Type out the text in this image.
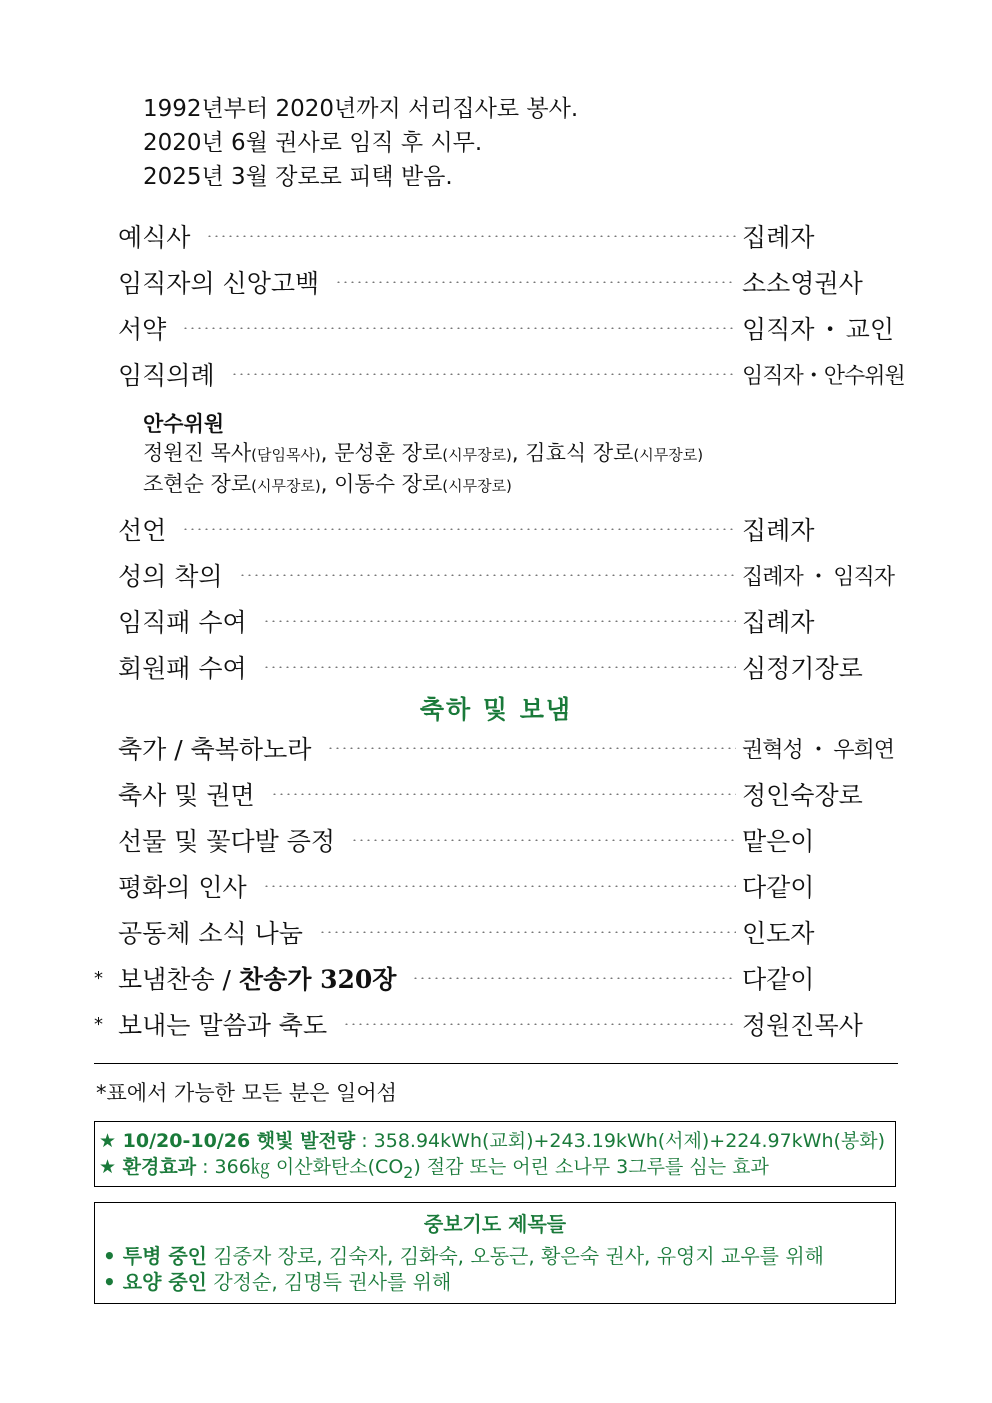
1992년부터 2020년까지 서리집사로 봉사.
2020년 6월 권사로 임직 후 시무.
2025년 3월 장로로 피택 받음.
예식사	집례자
임직자의 신앙고백	소소영권사
서약	임직자・교인
임직의례	임직자・안수위원
안수위원
정원진 목사(담임목사), 문성훈 장로(시무장로), 김효식 장로(시무장로)
조현순 장로(시무장로), 이동수 장로(시무장로)
선언	집례자
성의 착의	집례자・임직자
임직패 수여	집례자
회원패 수여	심정기장로
축하 및 보냄
축가 / 축복하노라	권혁성・우희연
축사 및 권면	정인숙장로
선물 및 꽃다발 증정	맡은이
평화의 인사	다같이
공동체 소식 나눔	인도자
* 보냄찬송 / 찬송가 320장	다같이
* 보내는 말씀과 축도	정원진목사
*표에서 가능한 모든 분은 일어섬
★ 10/20-10/26 햇빛 발전량 : 358.94kWh(교회)+243.19kWh(서제)+224.97kWh(봉화)
★ 환경효과 : 366㎏ 이산화탄소$(CO_2)$ 절감 또는 어린 소나무 3그루를 심는 효과
중보기도 제목들
• 투병 중인 김중자 장로, 김숙자, 김화숙, 오동근, 황은숙 권사, 유영지 교우를 위해
• 요양 중인 강정순, 김명득 권사를 위해
